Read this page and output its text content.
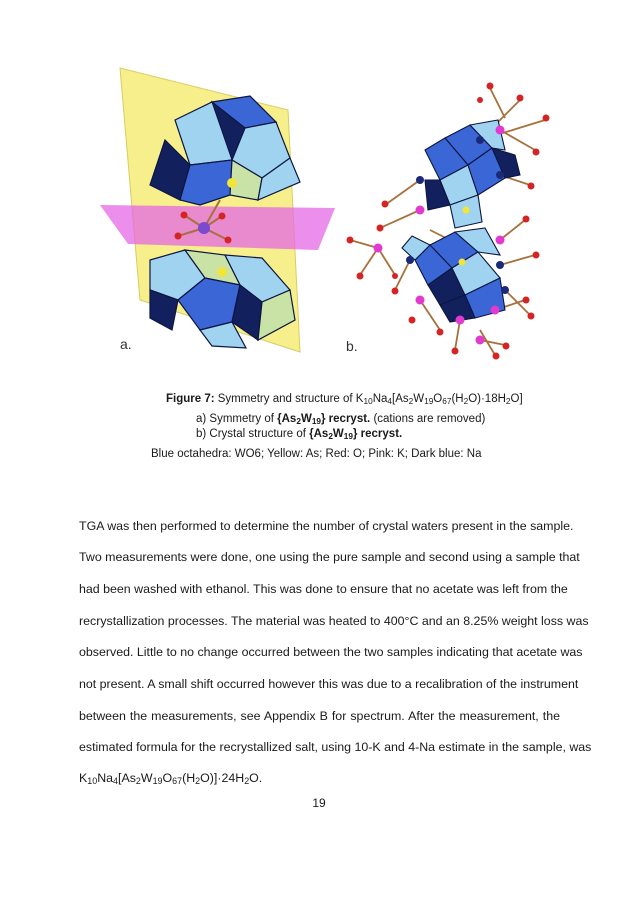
a.	b.
Figure 7: Symmetry and structure of $K_{10}Na_4[As_2W_{19}O_{67}(H_2O)\cdot 18H_2O]$
a) Symmetry of $\{As_2W_{19}\}$ recryst. (cations are removed)
b) Crystal structure of $\{As_2W_{19}\}$ recryst.
Blue octahedra: WO6; Yellow: As; Red: O; Pink: K; Dark blue: Na
TGA was then performed to determine the number of crystal waters present in the sample.
Two measurements were done, one using the pure sample and second using a sample that
had been washed with ethanol. This was done to ensure that no acetate was left from the
recrystallization processes. The material was heated to 400°C and an 8.25% weight loss was
observed. Little to no change occurred between the two samples indicating that acetate was
not present. A small shift occurred however this was due to a recalibration of the instrument
between the measurements, see Appendix B for spectrum. After the measurement, the
estimated formula for the recrystallized salt, using 10-K and 4-Na estimate in the sample, was
$K_{10}Na_4[As_2W_{19}O_{67}(H_2O)]\cdot 24H_2O$.
19
